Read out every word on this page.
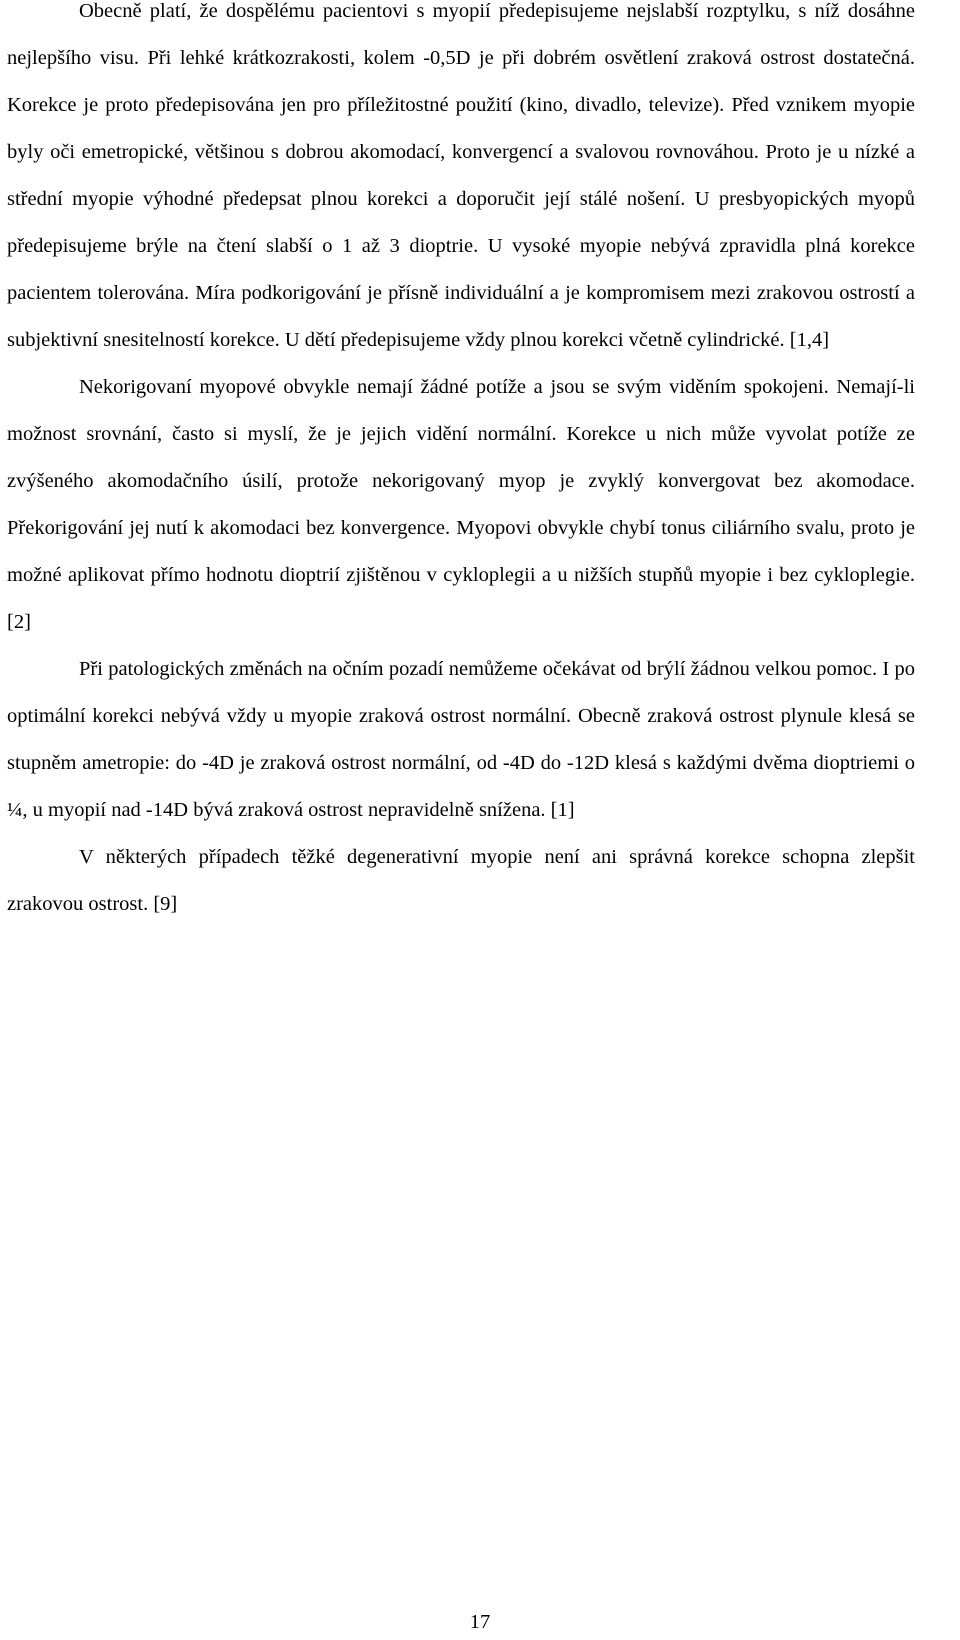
Obecně platí, že dospělému pacientovi s myopií předepisujeme nejslabší rozptylku, s níž dosáhne nejlepšího visu. Při lehké krátkozrakosti, kolem -0,5D je při dobrém osvětlení zraková ostrost dostatečná. Korekce je proto předepisována jen pro příležitostné použití (kino, divadlo, televize). Před vznikem myopie byly oči emetropické, většinou s dobrou akomodací, konvergencí a svalovou rovnováhou. Proto je u nízké a střední myopie výhodné předepsat plnou korekci a doporučit její stálé nošení. U presbyopických myopů předepisujeme brýle na čtení slabší o 1 až 3 dioptrie. U vysoké myopie nebývá zpravidla plná korekce pacientem tolerována. Míra podkorigování je přísně individuální a je kompromisem mezi zrakovou ostrostí a subjektivní snesitelností korekce. U dětí předepisujeme vždy plnou korekci včetně cylindrické. [1,4]

Nekorigovaní myopové obvykle nemají žádné potíže a jsou se svým viděním spokojeni. Nemají-li možnost srovnání, často si myslí, že je jejich vidění normální. Korekce u nich může vyvolat potíže ze zvýšeného akomodačního úsilí, protože nekorigovaný myop je zvyklý konvergovat bez akomodace. Překorigování jej nutí k akomodaci bez konvergence. Myopovi obvykle chybí tonus ciliárního svalu, proto je možné aplikovat přímo hodnotu dioptrií zjištěnou v cykloplegii a u nižších stupňů myopie i bez cykloplegie. [2]

Při patologických změnách na očním pozadí nemůžeme očekávat od brýlí žádnou velkou pomoc. I po optimální korekci nebývá vždy u myopie zraková ostrost normální. Obecně zraková ostrost plynule klesá se stupněm ametropie: do -4D je zraková ostrost normální, od -4D do -12D klesá s každými dvěma dioptriemi o ¼, u myopií nad -14D bývá zraková ostrost nepravidelně snížena. [1]

V některých případech těžké degenerativní myopie není ani správná korekce schopna zlepšit zrakovou ostrost. [9]

17
